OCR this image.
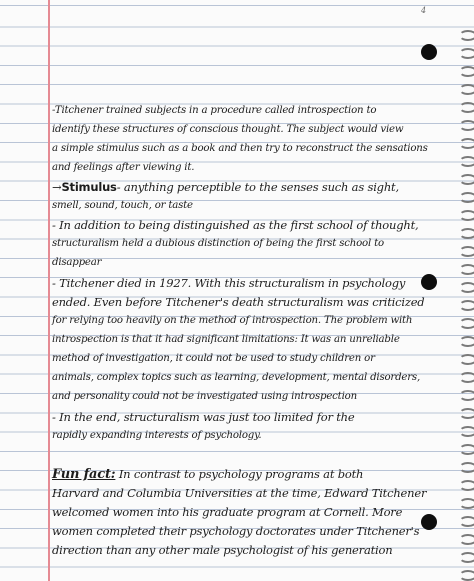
4
-Titchener trained subjects in a procedure called introspection to
identify these structures of conscious thought. The subject would view
a simple stimulus such as a book and then try to reconstruct the sensations
and feelings after viewing it.
→Stimulus- anything perceptible to the senses such as sight,
smell, sound, touch, or taste
- In addition to being distinguished as the first school of thought,
structuralism held a dubious distinction of being the first school to
disappear
- Titchener died in 1927. With this structuralism in psychology
ended. Even before Titchener's death structuralism was criticized
for relying too heavily on the method of introspection. The problem with
introspection is that it had significant limitations: It was an unreliable
method of investigation, it could not be used to study children or
animals, complex topics such as learning, development, mental disorders,
and personality could not be investigated using introspection
- In the end, structuralism was just too limited for the
rapidly expanding interests of psychology.
Fun fact: In contrast to psychology programs at both
Harvard and Columbia Universities at the time, Edward Titchener
welcomed women into his graduate program at Cornell. More
women completed their psychology doctorates under Titchener's
direction than any other male psychologist of his generation
